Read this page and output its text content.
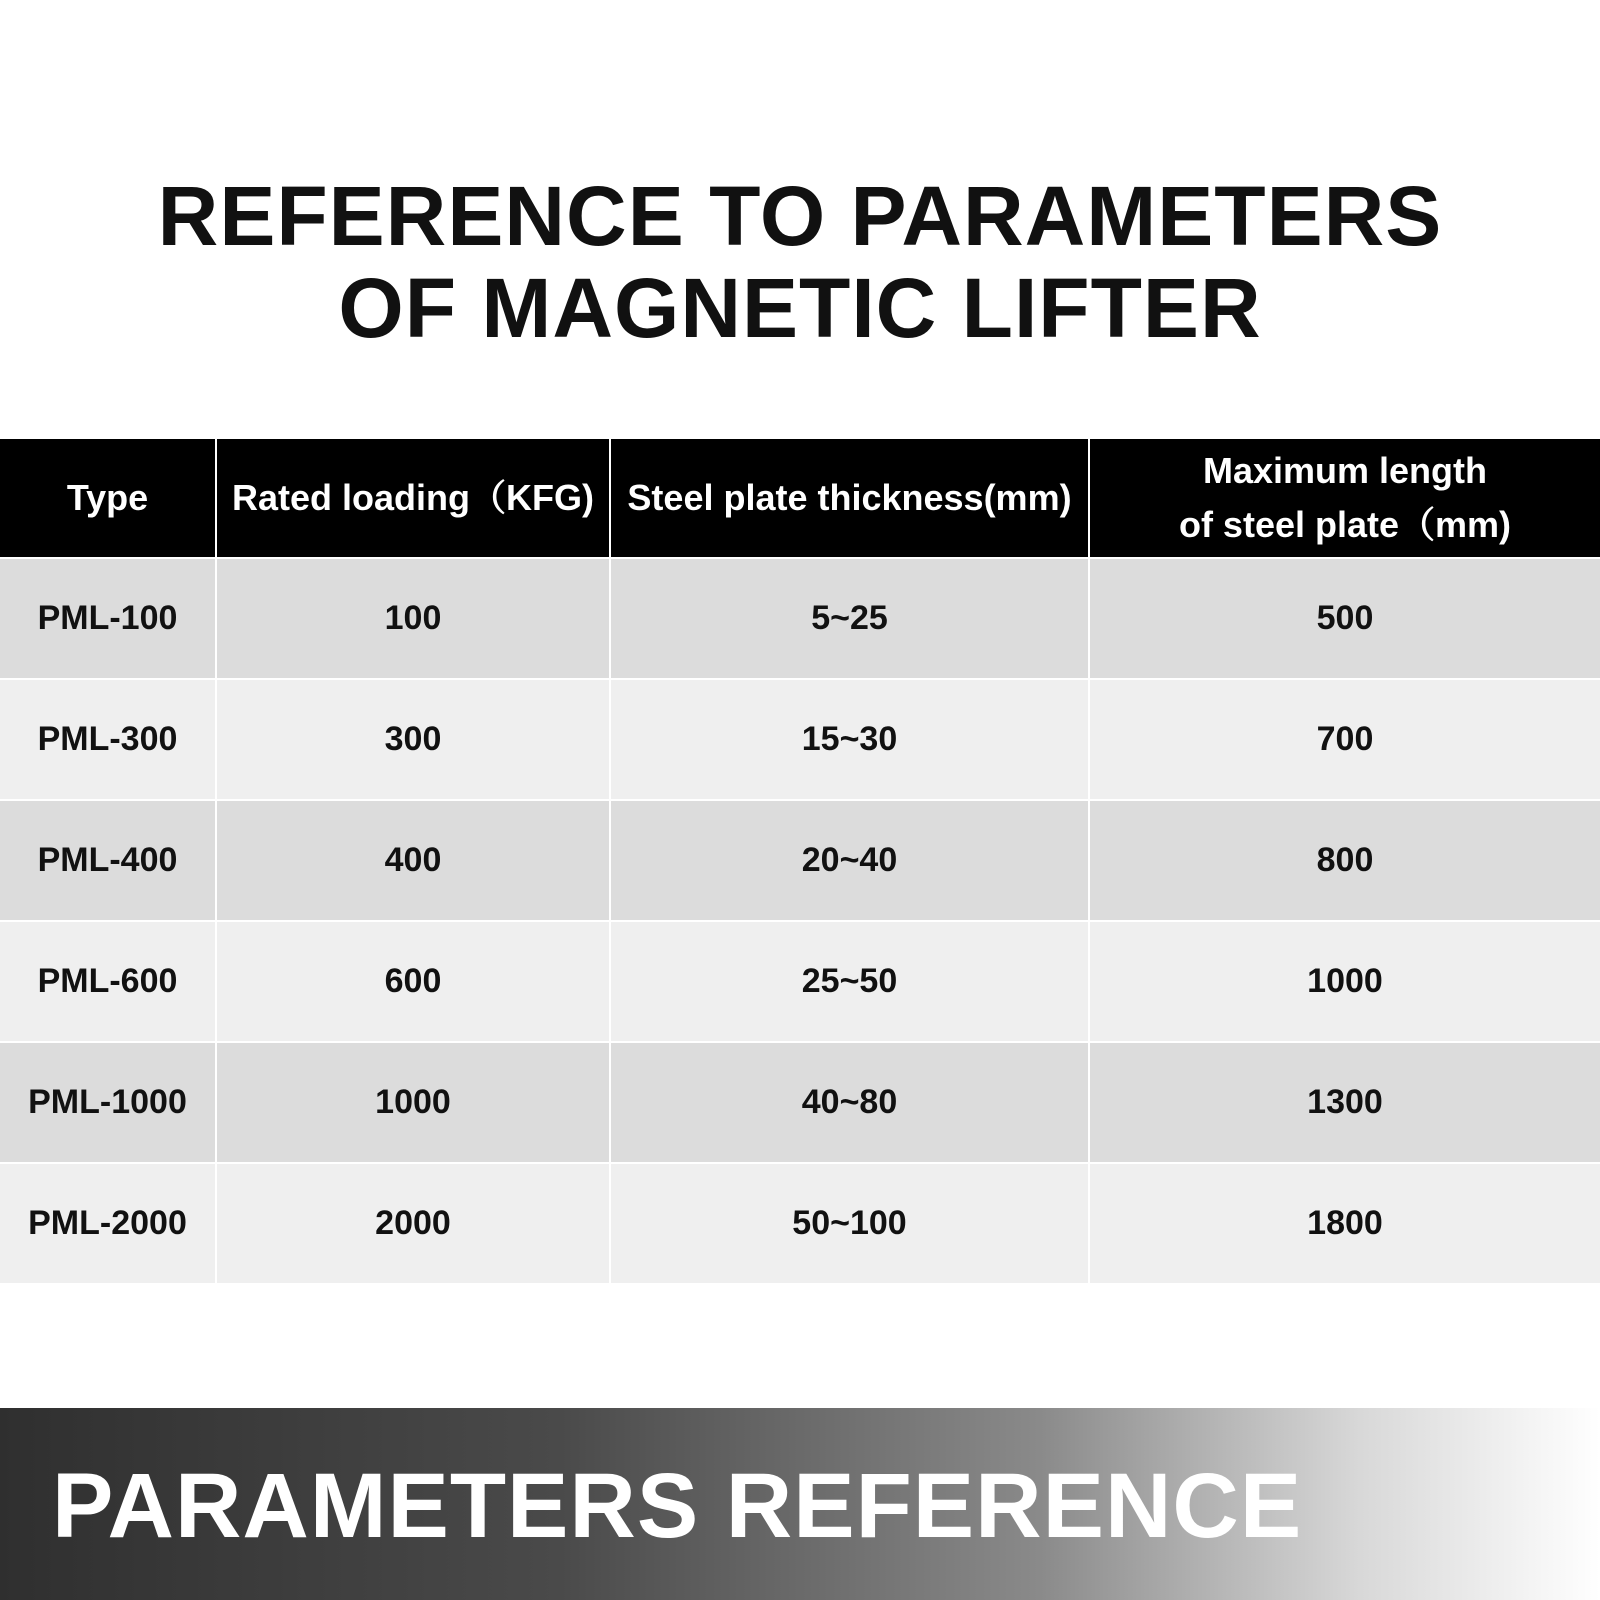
REFERENCE TO PARAMETERS
OF MAGNETIC LIFTER
Type	Rated loading（KFG)	Steel plate thickness(mm)	Maximum length
of steel plate（mm)

PML-100	100	5~25	500
PML-300	300	15~30	700
PML-400	400	20~40	800
PML-600	600	25~50	1000
PML-1000	1000	40~80	1300
PML-2000	2000	50~100	1800
PARAMETERS REFERENCE
